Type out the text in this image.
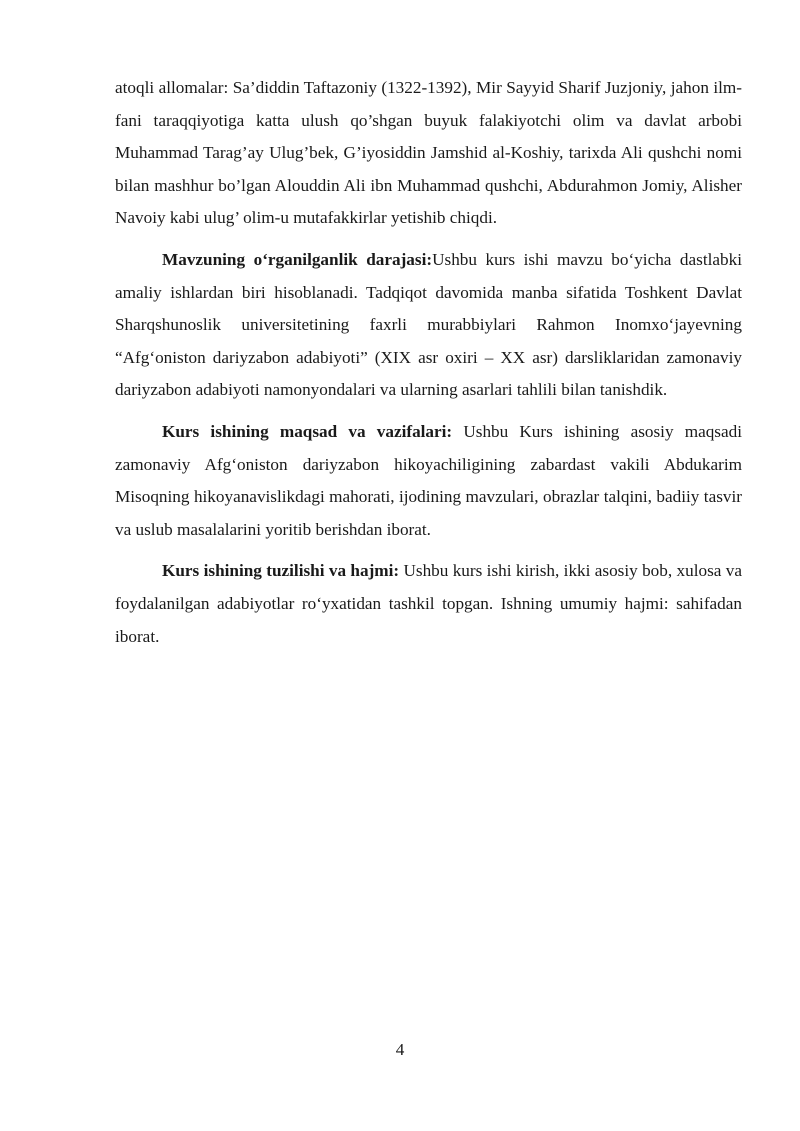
atoqli allomalar: Sa’diddin Taftazoniy (1322-1392), Mir Sayyid Sharif Juzjoniy, jahon ilm-fani taraqqiyotiga katta ulush qo’shgan buyuk falakiyotchi olim va davlat arbobi Muhammad Tarag’ay Ulug’bek, G’iyosiddin Jamshid al-Koshiy, tarixda Ali qushchi nomi bilan mashhur bo’lgan Alouddin Ali ibn Muhammad qushchi, Abdurahmon Jomiy, Alisher Navoiy kabi ulug’ olim-u mutafakkirlar yetishib chiqdi.

Mavzuning o‘rganilganlik darajasi:Ushbu kurs ishi mavzu bo‘yicha dastlabki amaliy ishlardan biri hisoblanadi. Tadqiqot davomida manba sifatida Toshkent Davlat Sharqshunoslik universitetining faxrli murabbiylari Rahmon Inomxo‘jayevning “Afg‘oniston dariyzabon adabiyoti” (XIX asr oxiri – XX asr) darsliklaridan zamonaviy dariyzabon adabiyoti namonyondalari va ularning asarlari tahlili bilan tanishdik.

Kurs ishining maqsad va vazifalari: Ushbu Kurs ishining asosiy maqsadi zamonaviy Afg‘oniston dariyzabon hikoyachiligining zabardast vakili Abdukarim Misoqning hikoyanavislikdagi mahorati, ijodining mavzulari, obrazlar talqini, badiiy tasvir va uslub masalalarini yoritib berishdan iborat.

Kurs ishining tuzilishi va hajmi: Ushbu kurs ishi kirish, ikki asosiy bob, xulosa va foydalanilgan adabiyotlar ro‘yxatidan tashkil topgan. Ishning umumiy hajmi: sahifadan iborat.

4
